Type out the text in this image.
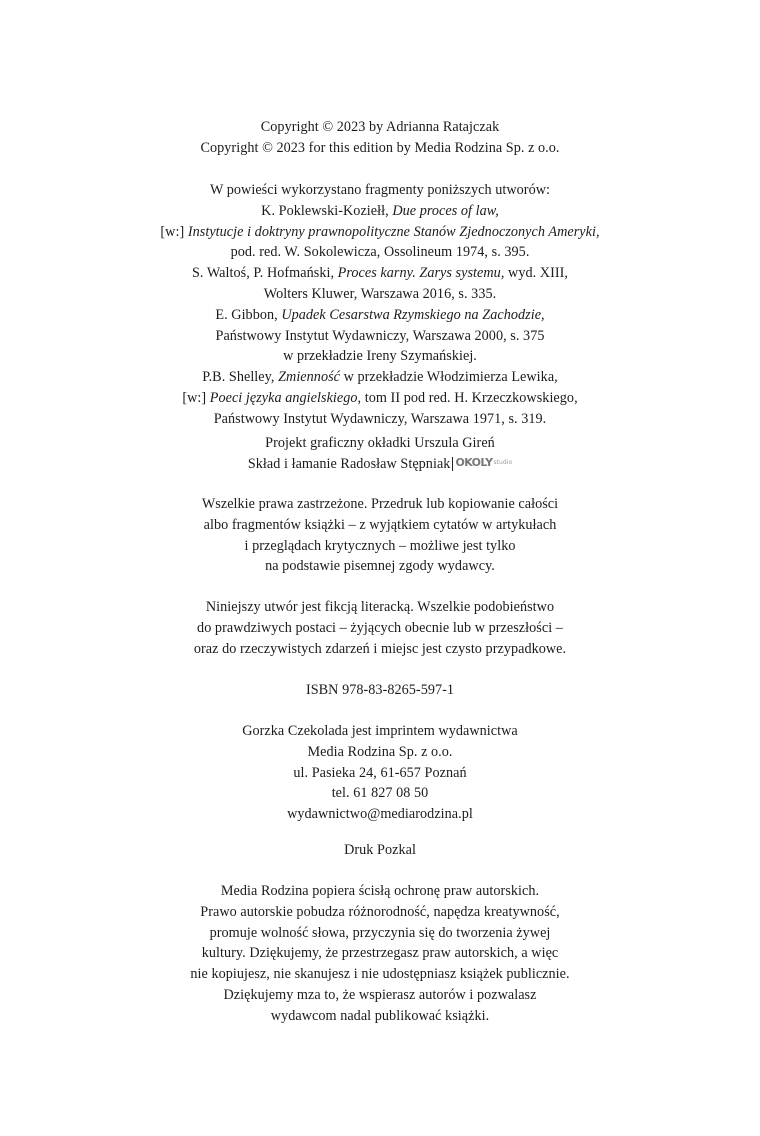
Copyright © 2023 by Adrianna Ratajczak
Copyright © 2023 for this edition by Media Rodzina Sp. z o.o.
W powieści wykorzystano fragmenty poniższych utworów:
K. Poklewski-Koziełł, Due proces of law,
[w:] Instytucje i doktryny prawnopolityczne Stanów Zjednoczonych Ameryki,
pod. red. W. Sokolewicza, Ossolineum 1974, s. 395.
S. Waltoś, P. Hofmański, Proces karny. Zarys systemu, wyd. XIII,
Wolters Kluwer, Warszawa 2016, s. 335.
E. Gibbon, Upadek Cesarstwa Rzymskiego na Zachodzie,
Państwowy Instytut Wydawniczy, Warszawa 2000, s. 375
w przekładzie Ireny Szymańskiej.
P.B. Shelley, Zmienność w przekładzie Włodzimierza Lewika,
[w:] Poeci języka angielskiego, tom II pod red. H. Krzeczkowskiego,
Państwowy Instytut Wydawniczy, Warszawa 1971, s. 319.
Projekt graficzny okładki Urszula Gireń
Skład i łamanie Radosław Stępniak OKOLYstudio
Wszelkie prawa zastrzeżone. Przedruk lub kopiowanie całości
albo fragmentów książki – z wyjątkiem cytatów w artykułach
i przeglądach krytycznych – możliwe jest tylko
na podstawie pisemnej zgody wydawcy.
Niniejszy utwór jest fikcją literacką. Wszelkie podobieństwo
do prawdziwych postaci – żyjących obecnie lub w przeszłości –
oraz do rzeczywistych zdarzeń i miejsc jest czysto przypadkowe.
ISBN 978-83-8265-597-1
Gorzka Czekolada jest imprintem wydawnictwa
Media Rodzina Sp. z o.o.
ul. Pasieka 24, 61-657 Poznań
tel. 61 827 08 50
wydawnictwo@mediarodzina.pl
Druk Pozkal
Media Rodzina popiera ścisłą ochronę praw autorskich.
Prawo autorskie pobudza różnorodność, napędza kreatywność,
promuje wolność słowa, przyczynia się do tworzenia żywej
kultury. Dziękujemy, że przestrzegasz praw autorskich, a więc
nie kopiujesz, nie skanujesz i nie udostępniasz książek publicznie.
Dziękujemy mza to, że wspierasz autorów i pozwalasz
wydawcom nadal publikować książki.
